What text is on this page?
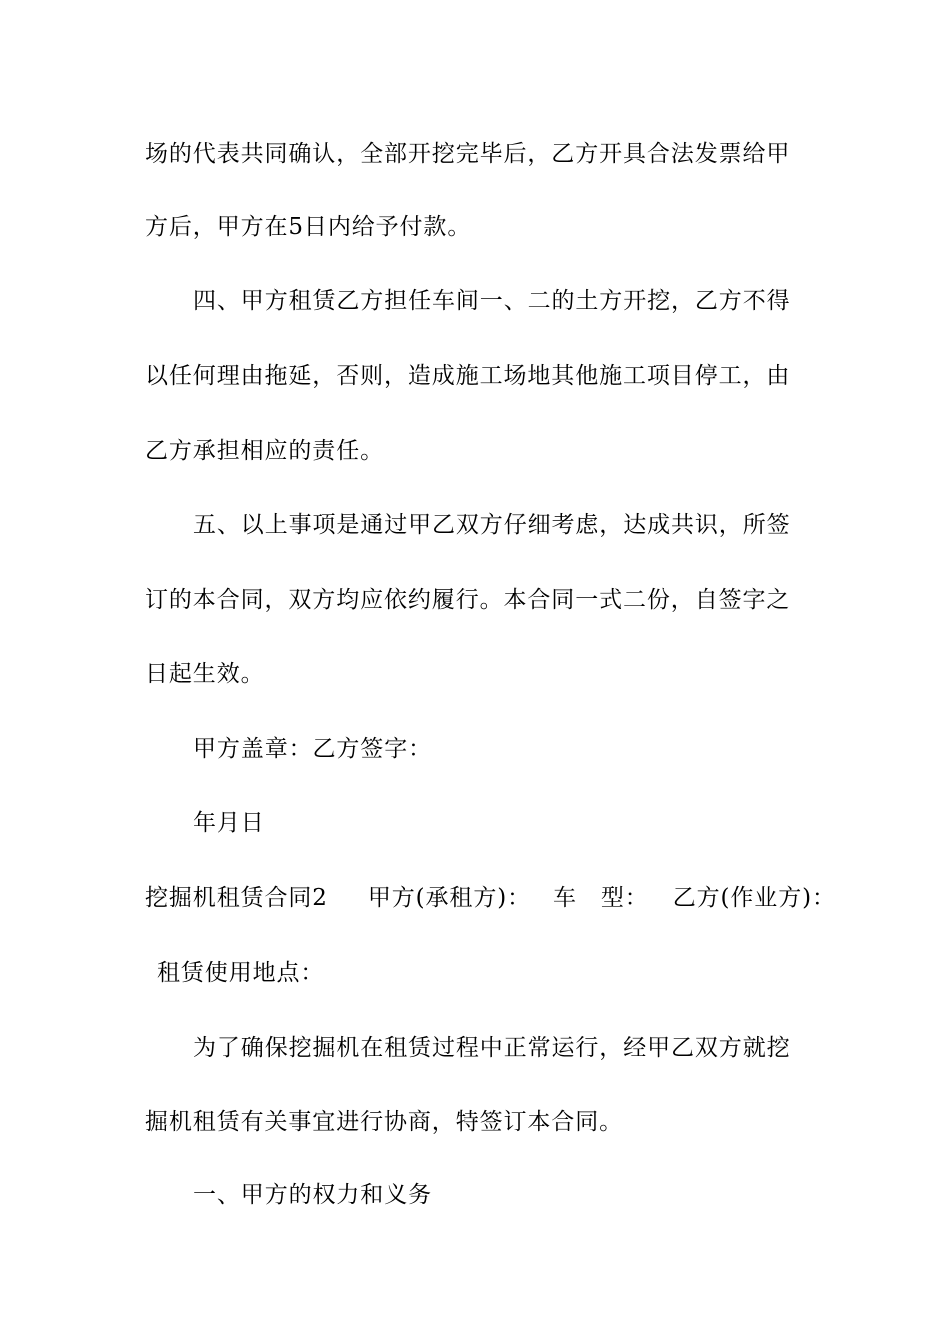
场的代表共同确认，全部开挖完毕后，乙方开具合法发票给甲
方后，甲方在5日内给予付款。
四、甲方租赁乙方担任车间一、二的土方开挖，乙方不得
以任何理由拖延，否则，造成施工场地其他施工项目停工，由
乙方承担相应的责任。
五、以上事项是通过甲乙双方仔细考虑，达成共识，所签
订的本合同，双方均应依约履行。本合同一式二份，自签字之
日起生效。
甲方盖章：乙方签字：
年月日
挖掘机租赁合同2 甲方(承租方)： 车 型： 乙方(作业方)：
租赁使用地点：
为了确保挖掘机在租赁过程中正常运行，经甲乙双方就挖
掘机租赁有关事宜进行协商，特签订本合同。
一、甲方的权力和义务
